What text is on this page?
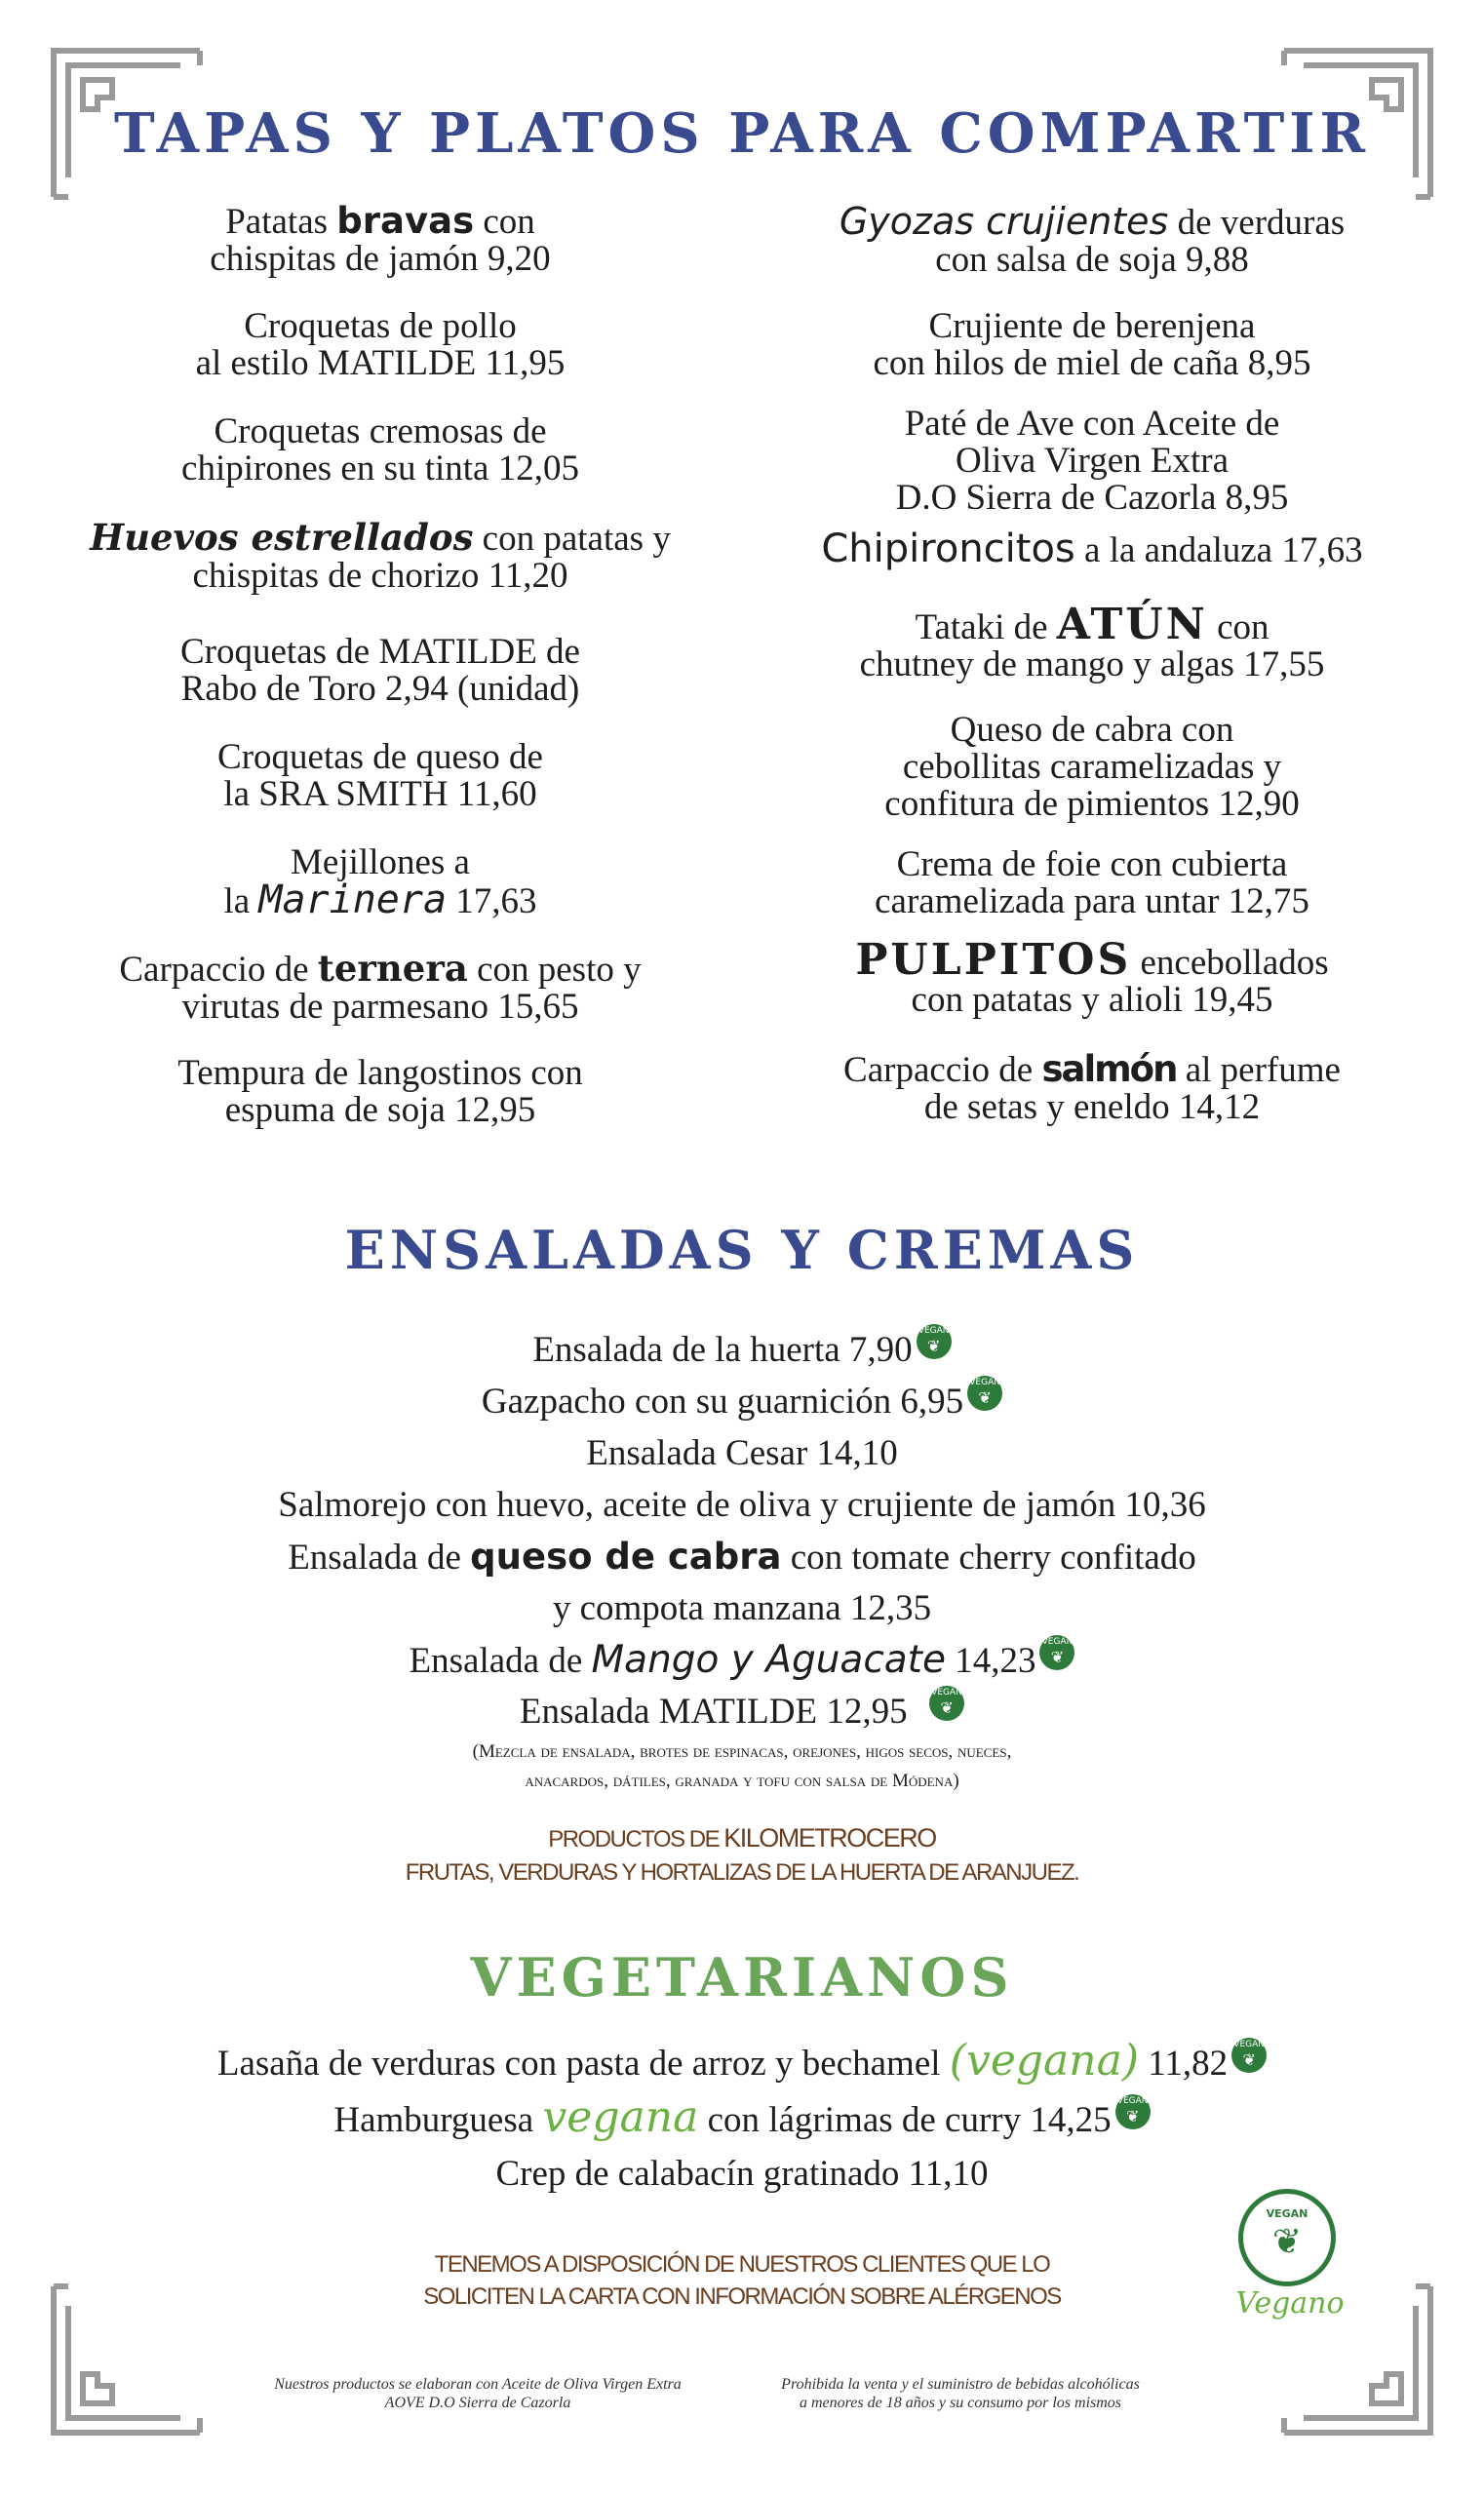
TAPAS Y PLATOS PARA COMPARTIR

Patatas bravas con
chispitas de jamón 9,20

Croquetas de pollo
al estilo MATILDE 11,95

Croquetas cremosas de
chipirones en su tinta 12,05

Huevos estrellados con patatas y
chispitas de chorizo 11,20

Croquetas de MATILDE de
Rabo de Toro 2,94 (unidad)

Croquetas de queso de
la SRA SMITH 11,60

Mejillones a
la Marinera 17,63

Carpaccio de ternera con pesto y
virutas de parmesano 15,65

Tempura de langostinos con
espuma de soja 12,95

Gyozas crujientes de verduras
con salsa de soja 9,88

Crujiente de berenjena
con hilos de miel de caña 8,95

Paté de Ave con Aceite de
Oliva Virgen Extra
D.O Sierra de Cazorla 8,95

Chipironcitos a la andaluza 17,63

Tataki de ATÚN con
chutney de mango y algas 17,55

Queso de cabra con
cebollitas caramelizadas y
confitura de pimientos 12,90

Crema de foie con cubierta
caramelizada para untar 12,75

PULPITOS encebollados
con patatas y alioli 19,45

Carpaccio de salmón al perfume
de setas y eneldo 14,12

ENSALADAS Y CREMAS
Ensalada de la huerta 7,90 VEGAN
❦
Gazpacho con su guarnición 6,95 VEGAN
❦
Ensalada Cesar 14,10
Salmorejo con huevo, aceite de oliva y crujiente de jamón 10,36
Ensalada de queso de cabra con tomate cherry confitado
y compota manzana 12,35
Ensalada de Mango y Aguacate 14,23 VEGAN
❦
Ensalada MATILDE 12,95	VEGAN
❦
(Mezcla de ensalada, brotes de espinacas, orejones, higos secos, nueces,
anacardos, dátiles, granada y tofu con salsa de Módena)
PRODUCTOS DE KILOMETROCERO
FRUTAS, VERDURAS Y HORTALIZAS DE LA HUERTA DE ARANJUEZ.
VEGETARIANOS
Lasaña de verduras con pasta de arroz y bechamel (vegana) 11,82 VEGAN
❦
Hamburguesa vegana con lágrimas de curry 14,25 VEGAN
❦
Crep de calabacín gratinado 11,10
VEGAN
❦
Vegano
TENEMOS A DISPOSICIÓN DE NUESTROS CLIENTES QUE LO
SOLICITEN LA CARTA CON INFORMACIÓN SOBRE ALÉRGENOS
Nuestros productos se elaboran con Aceite de Oliva Virgen Extra
AOVE D.O Sierra de Cazorla
Prohibida la venta y el suministro de bebidas alcohólicas
a menores de 18 años y su consumo por los mismos
